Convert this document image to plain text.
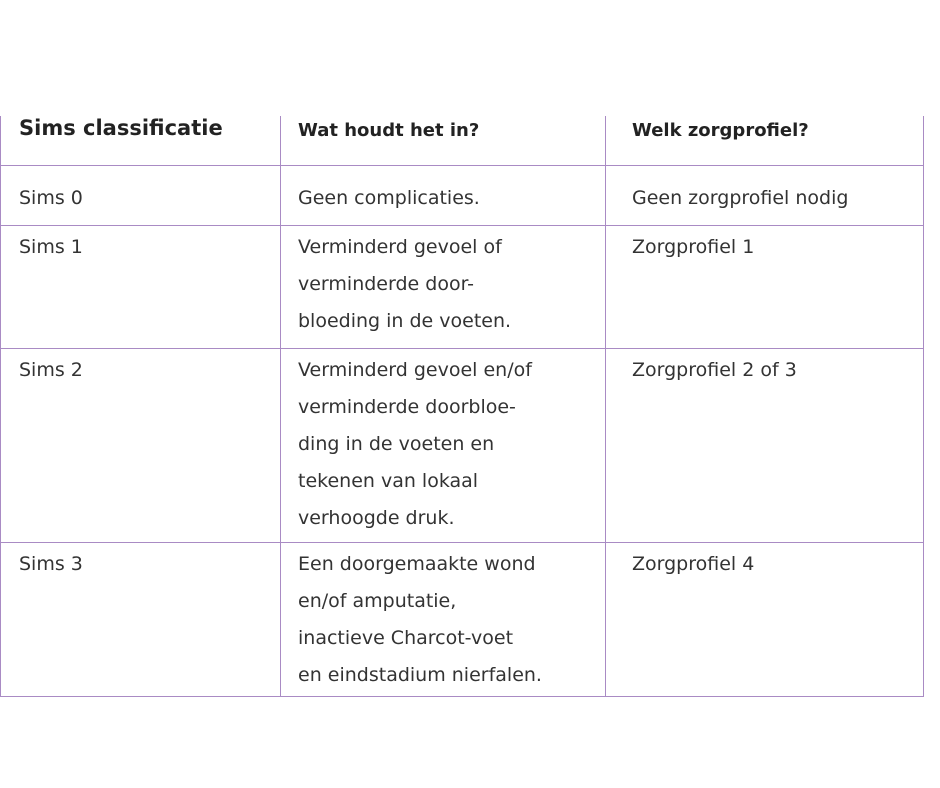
Sims classificatie	Wat houdt het in?	Welk zorgprofiel?

Sims 0	Geen complicaties.	Geen zorgprofiel nodig
Sims 1	Verminderd gevoel of
verminderde door-
bloeding in de voeten.	Zorgprofiel 1
Sims 2	Verminderd gevoel en/of
verminderde doorbloe-
ding in de voeten en
tekenen van lokaal
verhoogde druk.	Zorgprofiel 2 of 3
Sims 3	Een doorgemaakte wond
en/of amputatie,
inactieve Charcot-voet
en eindstadium nierfalen.	Zorgprofiel 4
